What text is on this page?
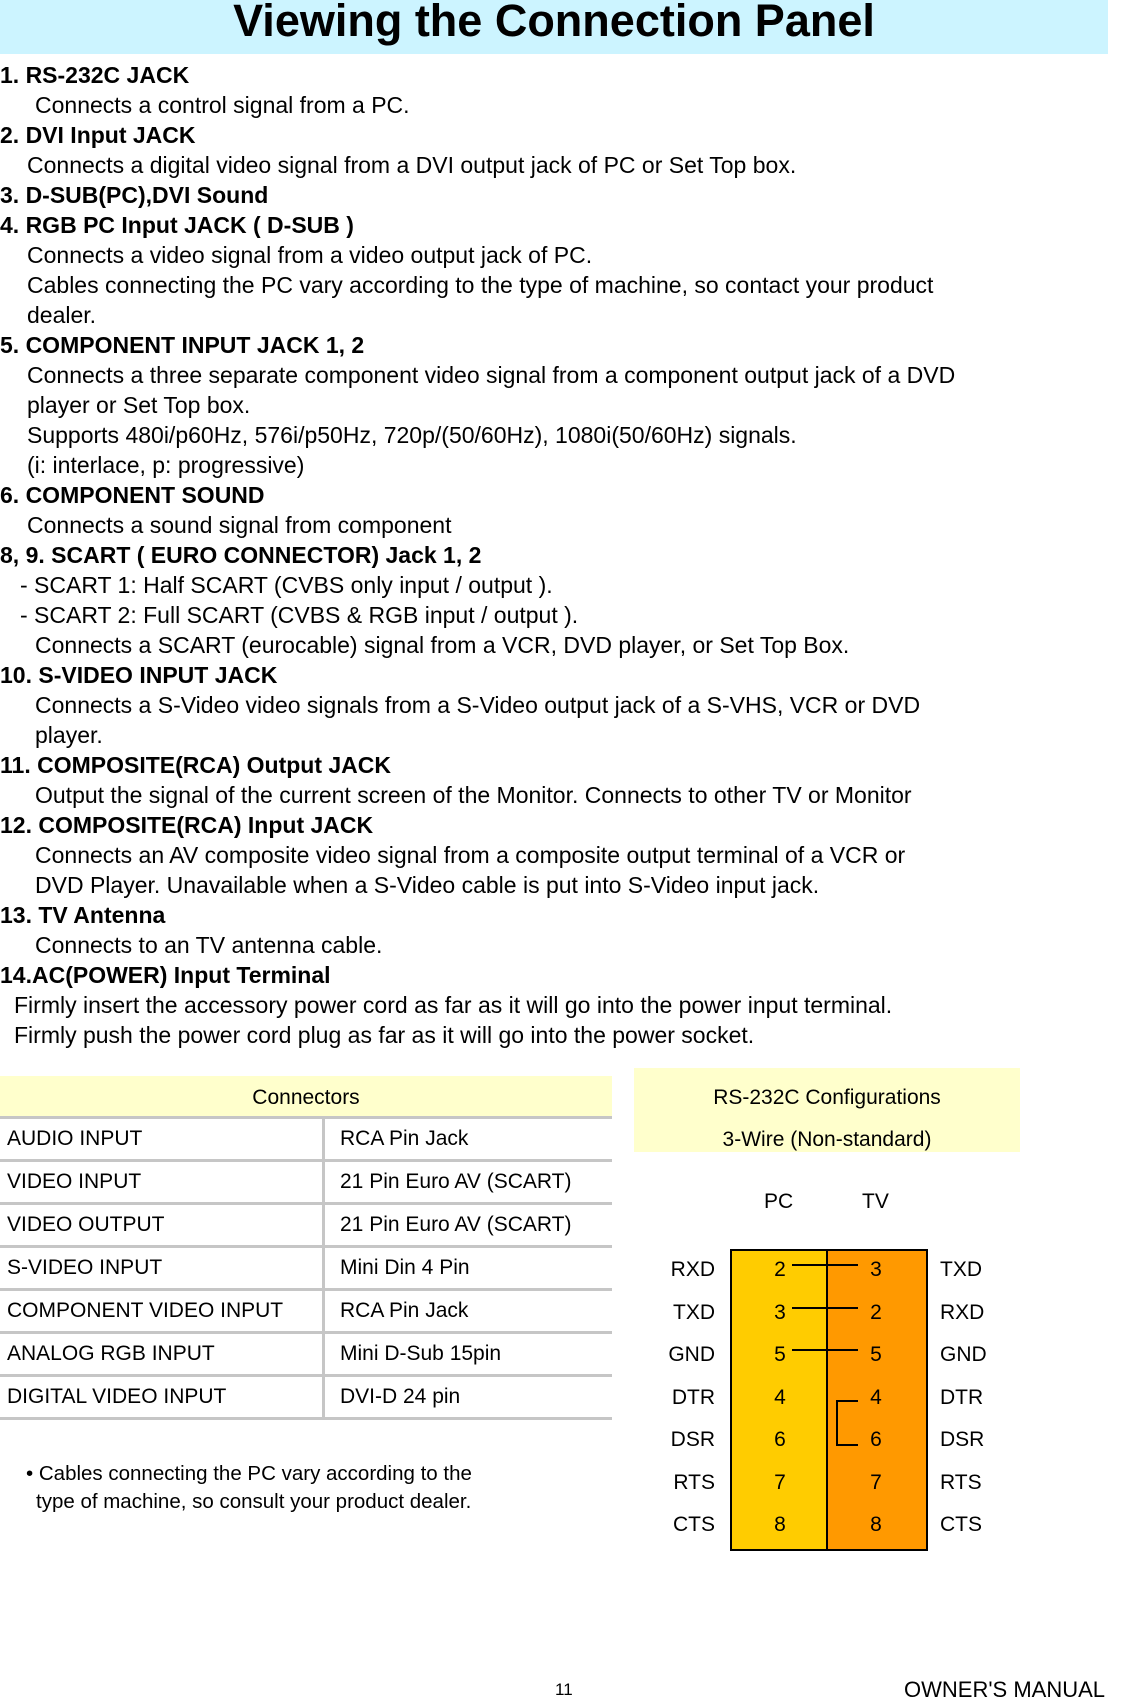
Viewing the Connection Panel
1. RS-232C JACK
Connects a control signal from a PC.
2. DVI Input JACK
Connects a digital video signal from a DVI output jack of PC or Set Top box.
3. D-SUB(PC),DVI Sound
4. RGB PC Input JACK ( D-SUB )
Connects a video signal from a video output jack of PC.
Cables connecting the PC vary according to the type of machine, so contact your product
dealer.
5. COMPONENT INPUT JACK 1, 2
Connects a three separate component video signal from a component output jack of a DVD
player or Set Top box.
Supports 480i/p60Hz, 576i/p50Hz, 720p/(50/60Hz), 1080i(50/60Hz) signals.
(i: interlace, p: progressive)
6. COMPONENT SOUND
Connects a sound signal from component
8, 9. SCART ( EURO CONNECTOR) Jack 1, 2
- SCART 1: Half SCART (CVBS only input / output ).
- SCART 2: Full SCART (CVBS & RGB input / output ).
Connects a SCART (eurocable) signal from a VCR, DVD player, or Set Top Box.
10. S-VIDEO INPUT JACK
Connects a S-Video video signals from a S-Video output jack of a S-VHS, VCR or DVD
player.
11. COMPOSITE(RCA) Output JACK
Output the signal of the current screen of the Monitor. Connects to other TV or Monitor
12. COMPOSITE(RCA) Input JACK
Connects an AV composite video signal from a composite output terminal of a VCR or
DVD Player. Unavailable when a S-Video cable is put into S-Video input jack.
13. TV Antenna
Connects to an TV antenna cable.
14.AC(POWER) Input Terminal
Firmly insert the accessory power cord as far as it will go into the power input terminal.
Firmly push the power cord plug as far as it will go into the power socket.
Connectors
AUDIO INPUT	RCA Pin Jack
VIDEO INPUT	21 Pin Euro AV (SCART)
VIDEO OUTPUT	21 Pin Euro AV (SCART)
S-VIDEO INPUT	Mini Din 4 Pin
COMPONENT VIDEO INPUT	RCA Pin Jack
ANALOG RGB INPUT	Mini D-Sub 15pin
DIGITAL VIDEO INPUT	DVI-D 24 pin
• Cables connecting the PC vary according to the
type of machine, so consult your product dealer.
RS-232C Configurations
3-Wire (Non-standard)
PC	TV
RXD	2	3	TXD
TXD	3	2	RXD
GND	5	5	GND
DTR	4	4	DTR
DSR	6	6	DSR
RTS	7	7	RTS
CTS	8	8	CTS
11	OWNER'S MANUAL
